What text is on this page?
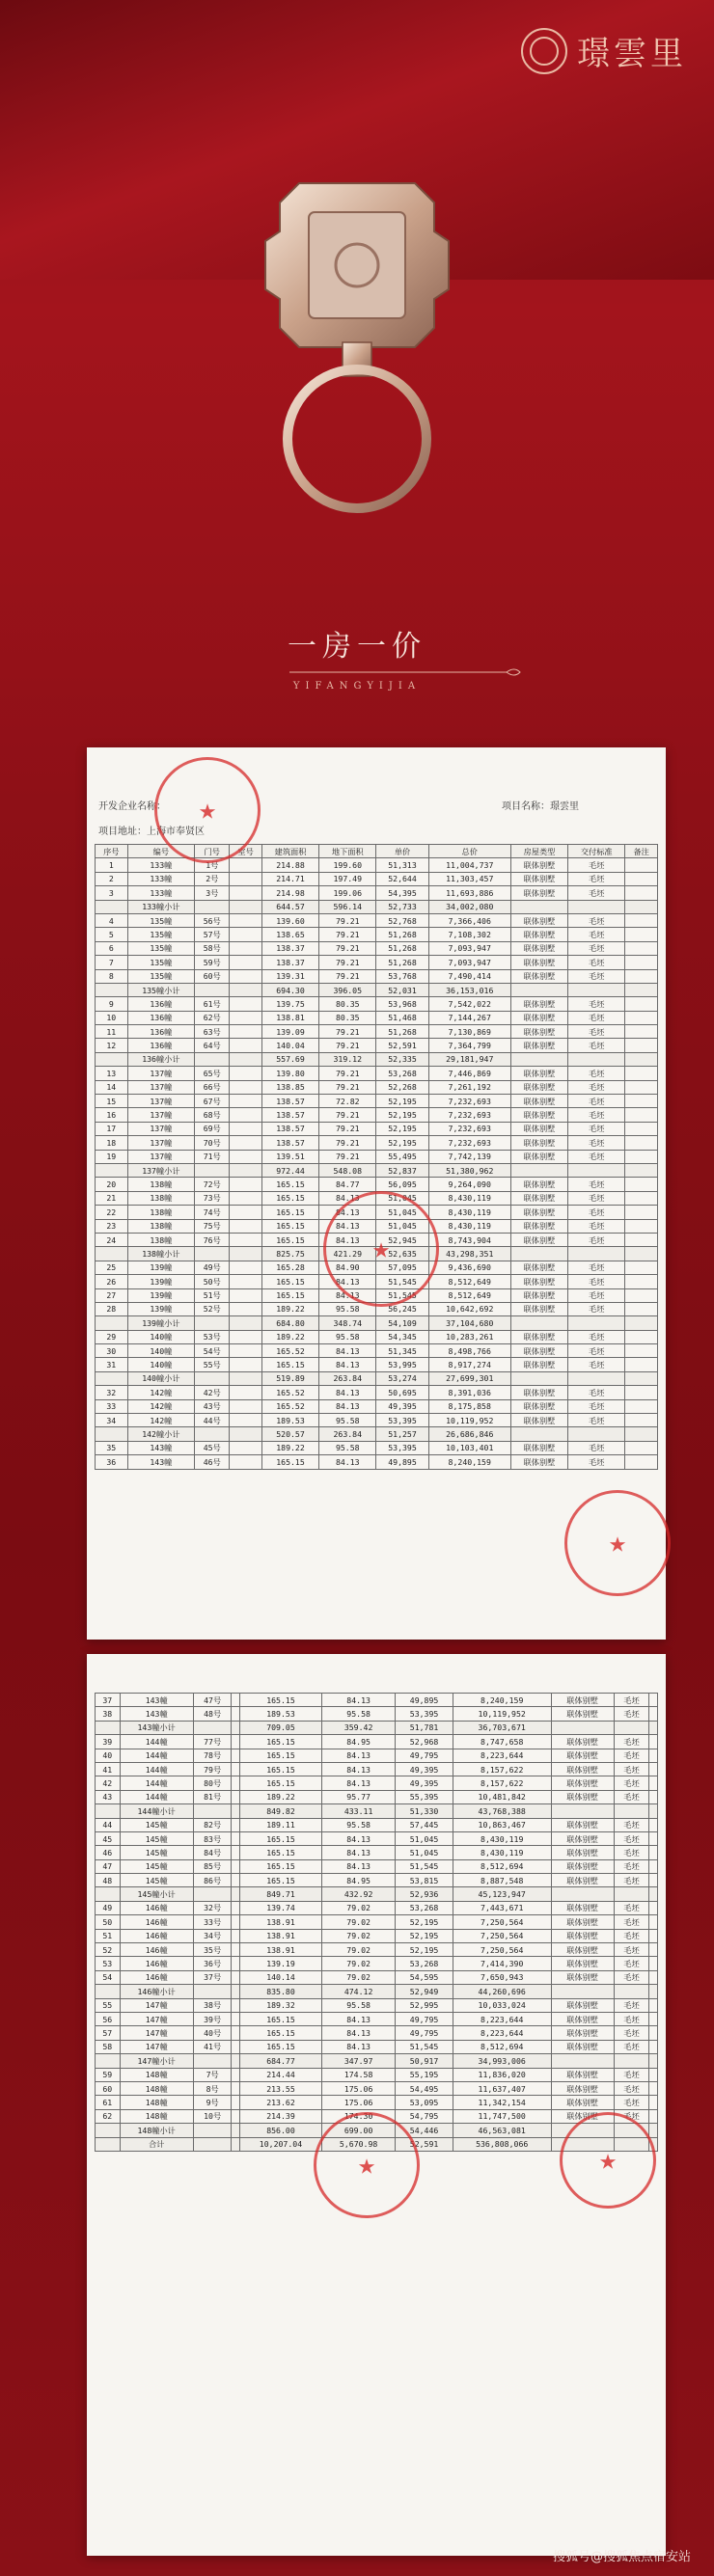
璟雲里
一房一价
YIFANGYIJIA
开发企业名称：
项目地址：上海市奉贤区
项目名称：璟雲里
序号	编号	门号	室号	建筑面积	地下面积	单价	总价	房屋类型	交付标准	备注
1	133幢	1号		214.88	199.60	51,313	11,004,737	联体别墅	毛坯	
2	133幢	2号		214.71	197.49	52,644	11,303,457	联体别墅	毛坯	
3	133幢	3号		214.98	199.06	54,395	11,693,886	联体别墅	毛坯	
	133幢小计			644.57	596.14	52,733	34,002,080			
4	135幢	56号		139.60	79.21	52,768	7,366,406	联体别墅	毛坯	
5	135幢	57号		138.65	79.21	51,268	7,108,302	联体别墅	毛坯	
6	135幢	58号		138.37	79.21	51,268	7,093,947	联体别墅	毛坯	
7	135幢	59号		138.37	79.21	51,268	7,093,947	联体别墅	毛坯	
8	135幢	60号		139.31	79.21	53,768	7,490,414	联体别墅	毛坯	
	135幢小计			694.30	396.05	52,031	36,153,016			
9	136幢	61号		139.75	80.35	53,968	7,542,022	联体别墅	毛坯	
10	136幢	62号		138.81	80.35	51,468	7,144,267	联体别墅	毛坯	
11	136幢	63号		139.09	79.21	51,268	7,130,869	联体别墅	毛坯	
12	136幢	64号		140.04	79.21	52,591	7,364,799	联体别墅	毛坯	
	136幢小计			557.69	319.12	52,335	29,181,947			
13	137幢	65号		139.80	79.21	53,268	7,446,869	联体别墅	毛坯	
14	137幢	66号		138.85	79.21	52,268	7,261,192	联体别墅	毛坯	
15	137幢	67号		138.57	72.82	52,195	7,232,693	联体别墅	毛坯	
16	137幢	68号		138.57	79.21	52,195	7,232,693	联体别墅	毛坯	
17	137幢	69号		138.57	79.21	52,195	7,232,693	联体别墅	毛坯	
18	137幢	70号		138.57	79.21	52,195	7,232,693	联体别墅	毛坯	
19	137幢	71号		139.51	79.21	55,495	7,742,139	联体别墅	毛坯	
	137幢小计			972.44	548.08	52,837	51,380,962			
20	138幢	72号		165.15	84.77	56,095	9,264,090	联体别墅	毛坯	
21	138幢	73号		165.15	84.13	51,045	8,430,119	联体别墅	毛坯	
22	138幢	74号		165.15	84.13	51,045	8,430,119	联体别墅	毛坯	
23	138幢	75号		165.15	84.13	51,045	8,430,119	联体别墅	毛坯	
24	138幢	76号		165.15	84.13	52,945	8,743,904	联体别墅	毛坯	
	138幢小计			825.75	421.29	52,635	43,298,351			
25	139幢	49号		165.28	84.90	57,095	9,436,690	联体别墅	毛坯	
26	139幢	50号		165.15	84.13	51,545	8,512,649	联体别墅	毛坯	
27	139幢	51号		165.15	84.13	51,545	8,512,649	联体别墅	毛坯	
28	139幢	52号		189.22	95.58	56,245	10,642,692	联体别墅	毛坯	
	139幢小计			684.80	348.74	54,109	37,104,680			
29	140幢	53号		189.22	95.58	54,345	10,283,261	联体别墅	毛坯	
30	140幢	54号		165.52	84.13	51,345	8,498,766	联体别墅	毛坯	
31	140幢	55号		165.15	84.13	53,995	8,917,274	联体别墅	毛坯	
	140幢小计			519.89	263.84	53,274	27,699,301			
32	142幢	42号		165.52	84.13	50,695	8,391,036	联体别墅	毛坯	
33	142幢	43号		165.52	84.13	49,395	8,175,858	联体别墅	毛坯	
34	142幢	44号		189.53	95.58	53,395	10,119,952	联体别墅	毛坯	
	142幢小计			520.57	263.84	51,257	26,686,846			
35	143幢	45号		189.22	95.58	53,395	10,103,401	联体别墅	毛坯	
36	143幢	46号		165.15	84.13	49,895	8,240,159	联体别墅	毛坯	
★
★
★
37	143幢	47号		165.15	84.13	49,895	8,240,159	联体别墅	毛坯	
38	143幢	48号		189.53	95.58	53,395	10,119,952	联体别墅	毛坯	
	143幢小计			709.05	359.42	51,781	36,703,671			
39	144幢	77号		165.15	84.95	52,968	8,747,658	联体别墅	毛坯	
40	144幢	78号		165.15	84.13	49,795	8,223,644	联体别墅	毛坯	
41	144幢	79号		165.15	84.13	49,395	8,157,622	联体别墅	毛坯	
42	144幢	80号		165.15	84.13	49,395	8,157,622	联体别墅	毛坯	
43	144幢	81号		189.22	95.77	55,395	10,481,842	联体别墅	毛坯	
	144幢小计			849.82	433.11	51,330	43,768,388			
44	145幢	82号		189.11	95.58	57,445	10,863,467	联体别墅	毛坯	
45	145幢	83号		165.15	84.13	51,045	8,430,119	联体别墅	毛坯	
46	145幢	84号		165.15	84.13	51,045	8,430,119	联体别墅	毛坯	
47	145幢	85号		165.15	84.13	51,545	8,512,694	联体别墅	毛坯	
48	145幢	86号		165.15	84.95	53,815	8,887,548	联体别墅	毛坯	
	145幢小计			849.71	432.92	52,936	45,123,947			
49	146幢	32号		139.74	79.02	53,268	7,443,671	联体别墅	毛坯	
50	146幢	33号		138.91	79.02	52,195	7,250,564	联体别墅	毛坯	
51	146幢	34号		138.91	79.02	52,195	7,250,564	联体别墅	毛坯	
52	146幢	35号		138.91	79.02	52,195	7,250,564	联体别墅	毛坯	
53	146幢	36号		139.19	79.02	53,268	7,414,390	联体别墅	毛坯	
54	146幢	37号		140.14	79.02	54,595	7,650,943	联体别墅	毛坯	
	146幢小计			835.80	474.12	52,949	44,260,696			
55	147幢	38号		189.32	95.58	52,995	10,033,024	联体别墅	毛坯	
56	147幢	39号		165.15	84.13	49,795	8,223,644	联体别墅	毛坯	
57	147幢	40号		165.15	84.13	49,795	8,223,644	联体别墅	毛坯	
58	147幢	41号		165.15	84.13	51,545	8,512,694	联体别墅	毛坯	
	147幢小计			684.77	347.97	50,917	34,993,006			
59	148幢	7号		214.44	174.58	55,195	11,836,020	联体别墅	毛坯	
60	148幢	8号		213.55	175.06	54,495	11,637,407	联体别墅	毛坯	
61	148幢	9号		213.62	175.06	53,095	11,342,154	联体别墅	毛坯	
62	148幢	10号		214.39	174.30	54,795	11,747,500	联体别墅	毛坯	
	148幢小计			856.00	699.00	54,446	46,563,081			
	合计			10,207.04	5,670.98	52,591	536,808,066			
★	★
搜狐号@搜狐焦点宿安站
